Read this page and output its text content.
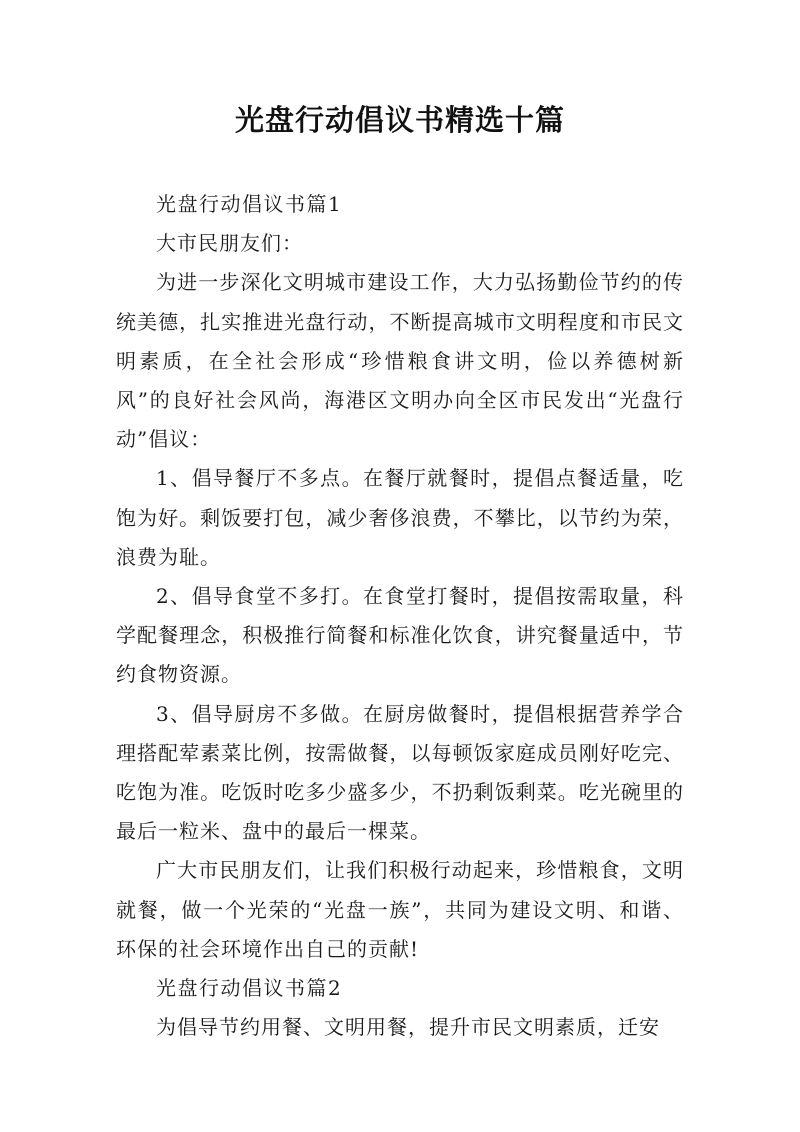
光盘行动倡议书精选十篇

光盘行动倡议书篇1

大市民朋友们：

为进一步深化文明城市建设工作，大力弘扬勤俭节约的传统美德，扎实推进光盘行动，不断提高城市文明程度和市民文明素质，在全社会形成“珍惜粮食讲文明，俭以养德树新风”的良好社会风尚，海港区文明办向全区市民发出“光盘行动”倡议：

1、倡导餐厅不多点。在餐厅就餐时，提倡点餐适量，吃饱为好。剩饭要打包，减少奢侈浪费，不攀比，以节约为荣，浪费为耻。

2、倡导食堂不多打。在食堂打餐时，提倡按需取量，科学配餐理念，积极推行简餐和标准化饮食，讲究餐量适中，节约食物资源。

3、倡导厨房不多做。在厨房做餐时，提倡根据营养学合理搭配荤素菜比例，按需做餐，以每顿饭家庭成员刚好吃完、吃饱为准。吃饭时吃多少盛多少，不扔剩饭剩菜。吃光碗里的最后一粒米、盘中的最后一棵菜。

广大市民朋友们，让我们积极行动起来，珍惜粮食，文明就餐，做一个光荣的“光盘一族”，共同为建设文明、和谐、环保的社会环境作出自己的贡献!

光盘行动倡议书篇2

为倡导节约用餐、文明用餐，提升市民文明素质，迁安
